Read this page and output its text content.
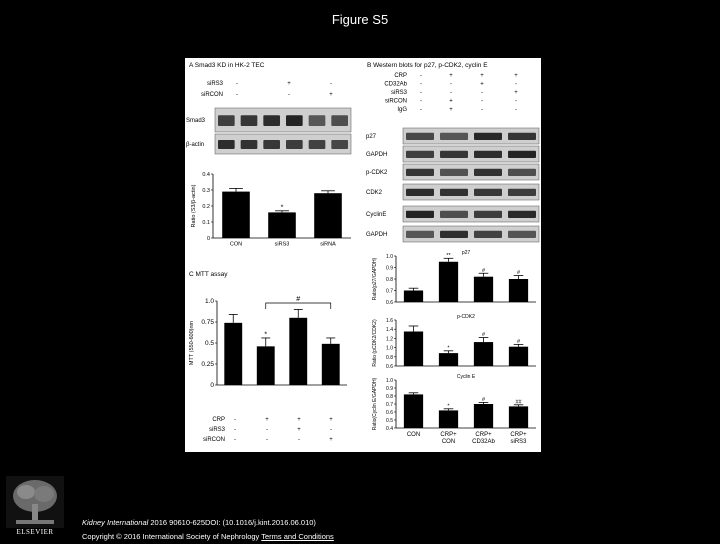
Figure S5
A Smad3 KD in HK-2 TEC	B Western blots for p27, p-CDK2, cyclin E
C MTT assay
siRS3 -	+	-
siRCON -	-	+
Smad3
β-actin
CRP -	+	+	+
CD32Ab -	-	+	-
siRS3 -	-	-	+
siRCON -	+	-	-
IgG -	+	-	-
p27
GAPDH
p-CDK2
CDK2
CyclinE
GAPDH
CRP -	+	+	+
siRS3 -	-	+	-
siRCON -	-	-	+
0
0.1
0.2
0.3
0.4
Ratio (S3/β-actin)
CON
*
siRS3	siRNA
0
0.25
0.5
0.75
1.0
MTT (550-600)nm	*
#	0.6
0.7
0.8
0.9
1.0
Ratio(p27/GAPDH)
p27
**
#	#
0.6
0.8
1.0
1.2
1.4
1.6
Ratio (pCDK2/CDK2)
p-CDK2
*
#
#
0.4
0.5
0.6
0.7
0.8
0.9
1.0
Ratio(Cyclin E/GAPDH)
Cyclin E
CON
*
CRP+
CON
#
CRP+
CD32Ab
##
CRP+
siRS3
ELSEVIER
Kidney International 2016 90610-625DOI: (10.1016/j.kint.2016.06.010)
Copyright © 2016 International Society of Nephrology Terms and Conditions
